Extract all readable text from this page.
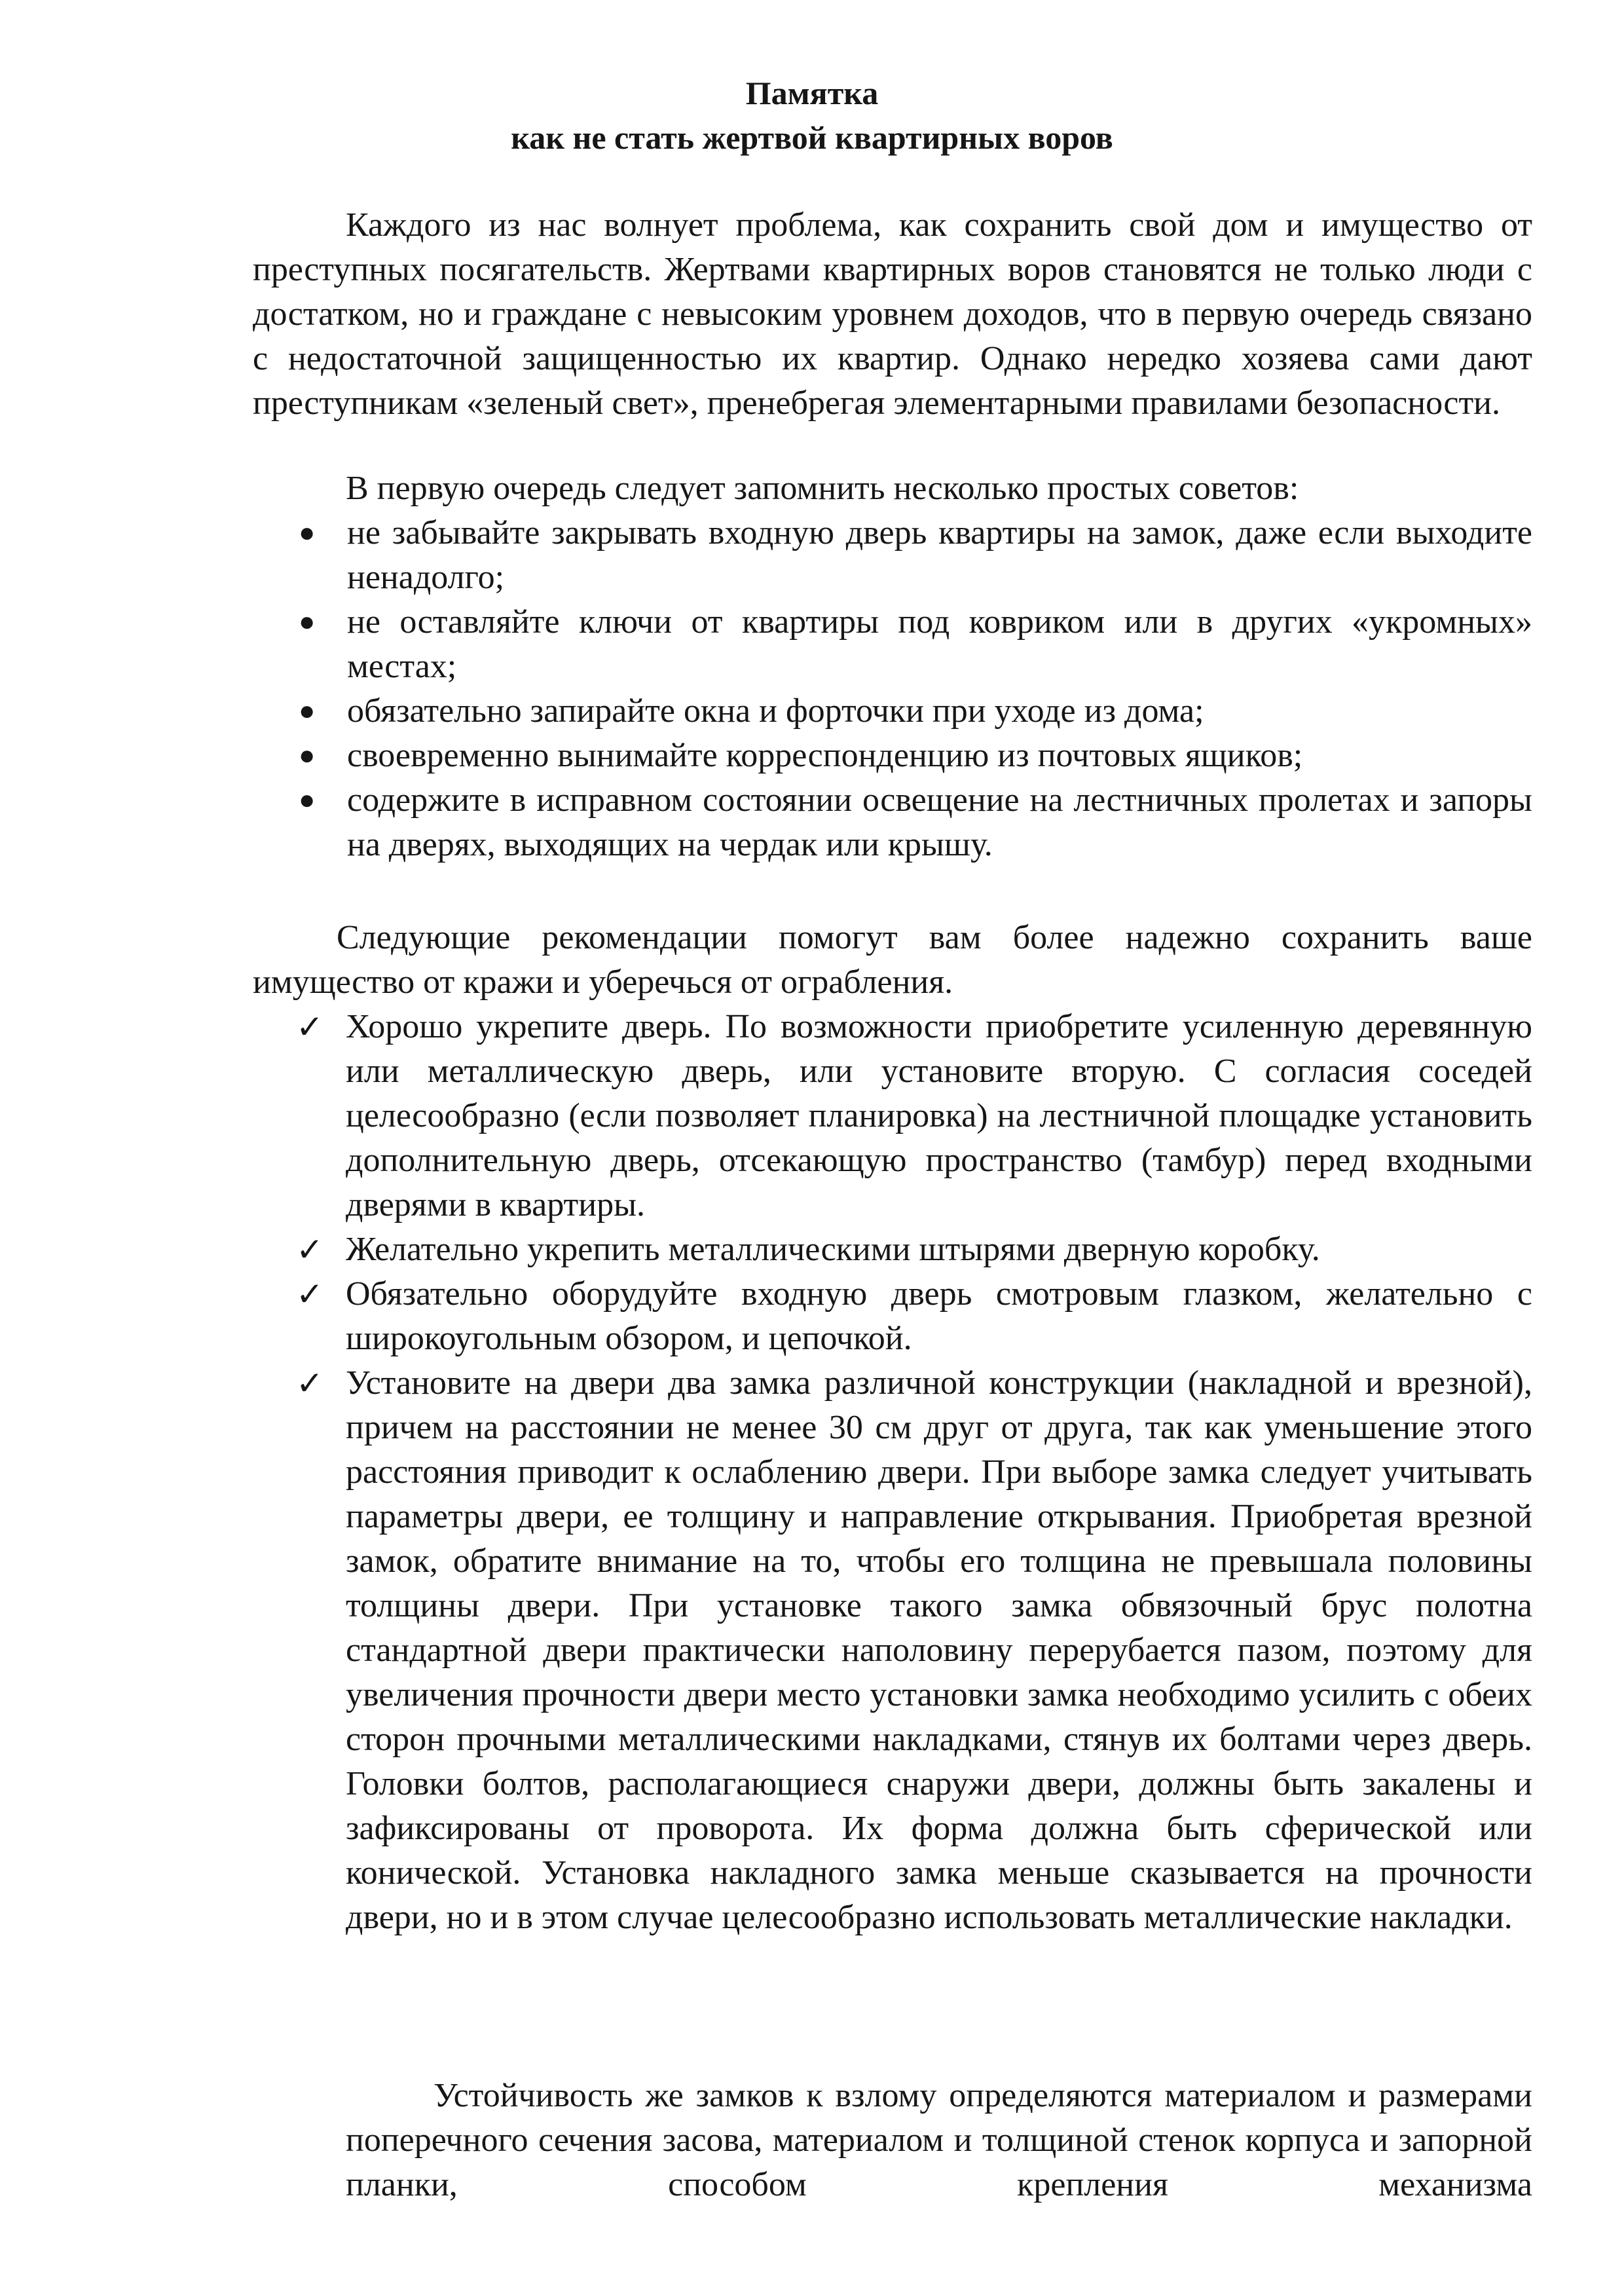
Памятка
как не стать жертвой квартирных воров

Каждого из нас волнует проблема, как сохранить свой дом и имущество от преступных посягательств. Жертвами квартирных воров становятся не только люди с достатком, но и граждане с невысоким уровнем доходов, что в первую очередь связано с недостаточной защищенностью их квартир. Однако нередко хозяева сами дают преступникам «зеленый свет», пренебрегая элементарными правилами безопасности.

В первую очередь следует запомнить несколько простых советов:

● не забывайте закрывать входную дверь квартиры на замок, даже если выходите ненадолго;
● не оставляйте ключи от квартиры под ковриком или в других «укромных» местах;
● обязательно запирайте окна и форточки при уходе из дома;
● своевременно вынимайте корреспонденцию из почтовых ящиков;
● содержите в исправном состоянии освещение на лестничных пролетах и запоры на дверях, выходящих на чердак или крышу.

Следующие рекомендации помогут вам более надежно сохранить ваше имущество от кражи и уберечься от ограбления.

✓ Хорошо укрепите дверь. По возможности приобретите усиленную деревянную или металлическую дверь, или установите вторую. С согласия соседей целесообразно (если позволяет планировка) на лестничной площадке установить дополнительную дверь, отсекающую пространство (тамбур) перед входными дверями в квартиры.
✓ Желательно укрепить металлическими штырями дверную коробку.
✓ Обязательно оборудуйте входную дверь смотровым глазком, желательно с широкоугольным обзором, и цепочкой.
✓ Установите на двери два замка различной конструкции (накладной и врезной), причем на расстоянии не менее 30 см друг от друга, так как уменьшение этого расстояния приводит к ослаблению двери. При выборе замка следует учитывать параметры двери, ее толщину и направление открывания. Приобретая врезной замок, обратите внимание на то, чтобы его толщина не превышала половины толщины двери. При установке такого замка обвязочный брус полотна стандартной двери практически наполовину перерубается пазом, поэтому для увеличения прочности двери место установки замка необходимо усилить с обеих сторон прочными металлическими накладками, стянув их болтами через дверь. Головки болтов, располагающиеся снаружи двери, должны быть закалены и зафиксированы от проворота. Их форма должна быть сферической или конической. Установка накладного замка меньше сказывается на прочности двери, но и в этом случае целесообразно использовать металлические накладки.

Устойчивость же замков к взлому определяются материалом и размерами поперечного сечения засова, материалом и толщиной стенок корпуса и запорной планки, способом крепления механизма
